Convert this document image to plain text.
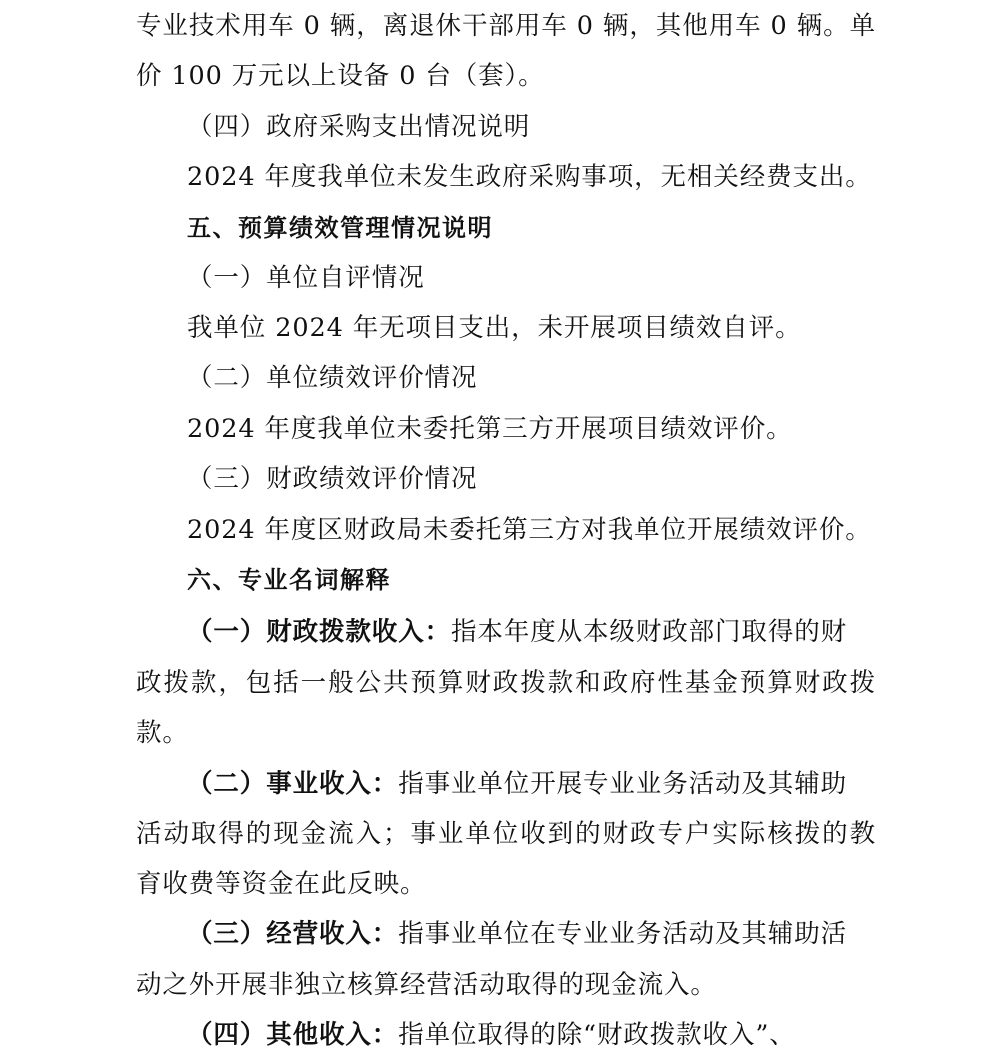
专业技术用车 0 辆，离退休干部用车 0 辆，其他用车 0 辆。单
价 100 万元以上设备 0 台（套）。
（四）政府采购支出情况说明
2024 年度我单位未发生政府采购事项，无相关经费支出。
五、预算绩效管理情况说明
（一）单位自评情况
我单位 2024 年无项目支出，未开展项目绩效自评。
（二）单位绩效评价情况
2024 年度我单位未委托第三方开展项目绩效评价。
（三）财政绩效评价情况
2024 年度区财政局未委托第三方对我单位开展绩效评价。
六、专业名词解释
（一）财政拨款收入：指本年度从本级财政部门取得的财
政拨款，包括一般公共预算财政拨款和政府性基金预算财政拨
款。
（二）事业收入：指事业单位开展专业业务活动及其辅助
活动取得的现金流入；事业单位收到的财政专户实际核拨的教
育收费等资金在此反映。
（三）经营收入：指事业单位在专业业务活动及其辅助活
动之外开展非独立核算经营活动取得的现金流入。
（四）其他收入：指单位取得的除“财政拨款收入”、
